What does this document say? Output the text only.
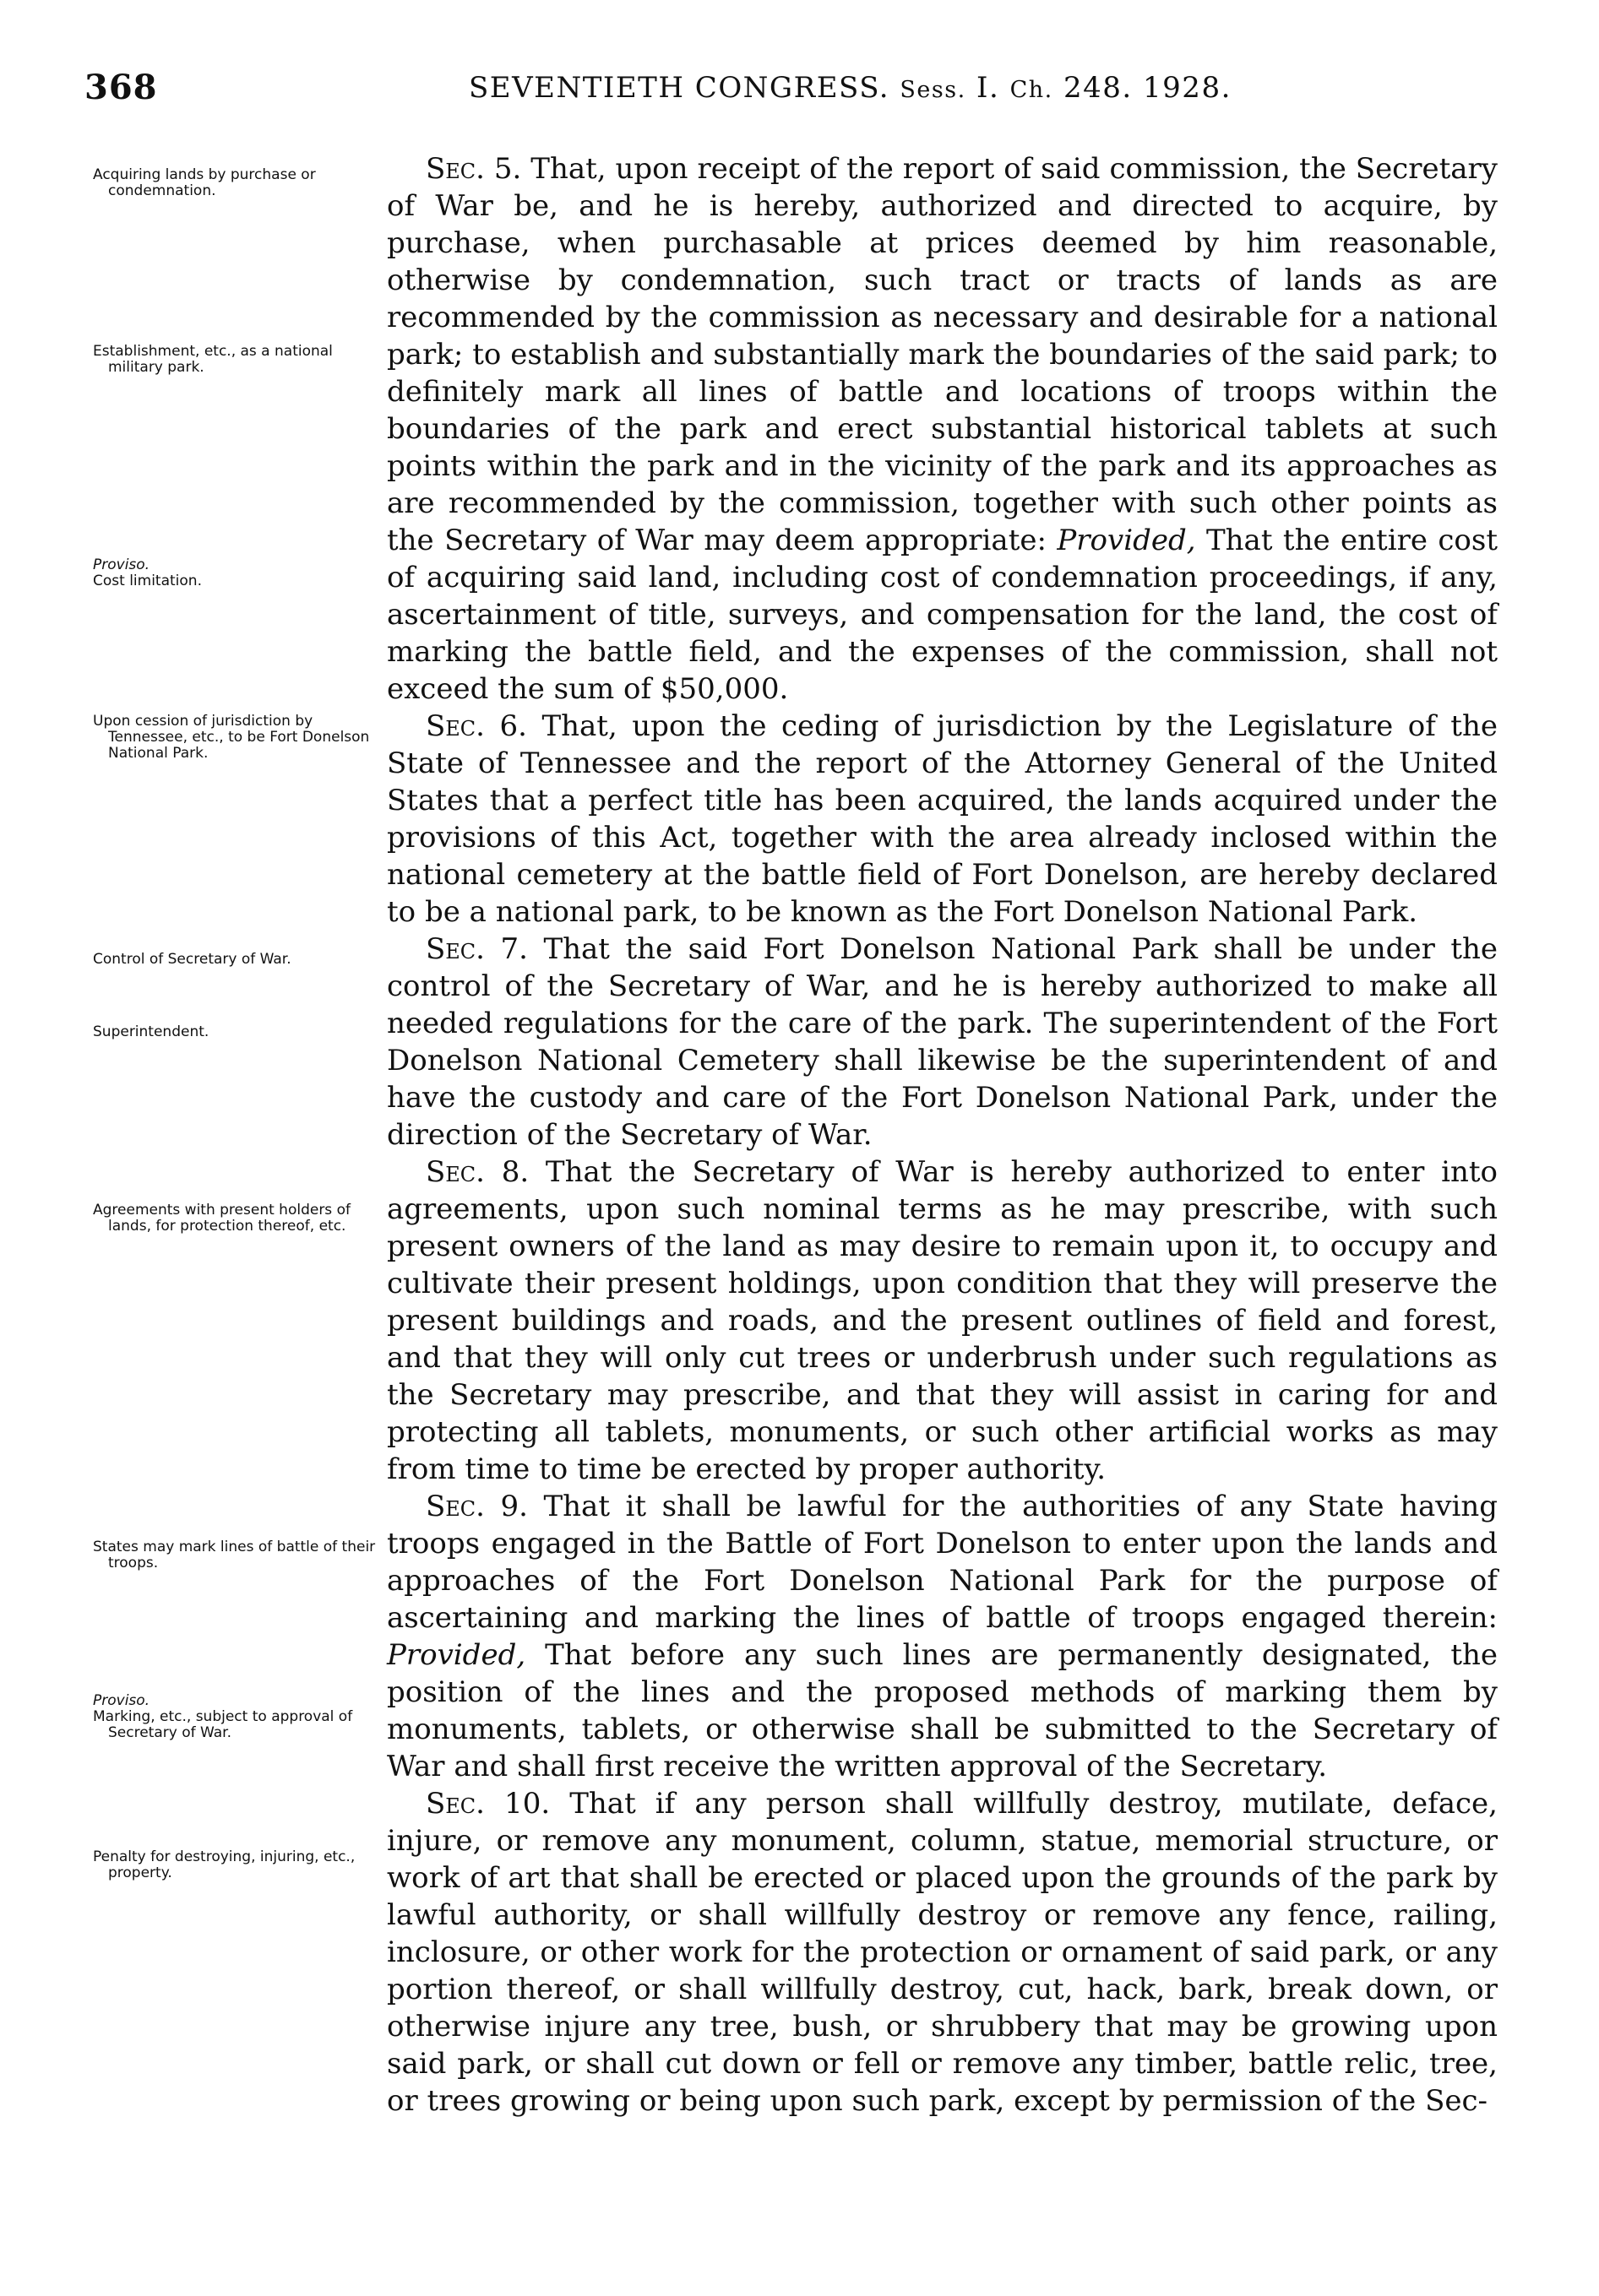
368	SEVENTIETH CONGRESS. Sess. I. Ch. 248. 1928.
Acquiring lands by purchase or condemnation.
Establishment, etc., as a national military park.
Proviso.
Cost limitation.
Upon cession of jurisdiction by Tennessee, etc., to be Fort Donelson National Park.
Control of Secretary of War.
Superintendent.
Agreements with present holders of lands, for protection thereof, etc.
States may mark lines of battle of their troops.
Proviso.
Marking, etc., subject to approval of Secretary of War.
Penalty for destroying, injuring, etc., property.

Sec. 5. That, upon receipt of the report of said commission, the Secretary of War be, and he is hereby, authorized and directed to acquire, by purchase, when purchasable at prices deemed by him reasonable, otherwise by condemnation, such tract or tracts of lands as are recommended by the commission as necessary and desirable for a national park; to establish and substantially mark the boundaries of the said park; to definitely mark all lines of battle and locations of troops within the boundaries of the park and erect substantial historical tablets at such points within the park and in the vicinity of the park and its approaches as are recommended by the commission, together with such other points as the Secretary of War may deem appropriate: Provided, That the entire cost of acquiring said land, including cost of condemnation proceedings, if any, ascertainment of title, surveys, and compensation for the land, the cost of marking the battle field, and the expenses of the commission, shall not exceed the sum of $50,000.

Sec. 6. That, upon the ceding of jurisdiction by the Legislature of the State of Tennessee and the report of the Attorney General of the United States that a perfect title has been acquired, the lands acquired under the provisions of this Act, together with the area already inclosed within the national cemetery at the battle field of Fort Donelson, are hereby declared to be a national park, to be known as the Fort Donelson National Park.

Sec. 7. That the said Fort Donelson National Park shall be under the control of the Secretary of War, and he is hereby authorized to make all needed regulations for the care of the park. The superintendent of the Fort Donelson National Cemetery shall likewise be the superintendent of and have the custody and care of the Fort Donelson National Park, under the direction of the Secretary of War.

Sec. 8. That the Secretary of War is hereby authorized to enter into agreements, upon such nominal terms as he may prescribe, with such present owners of the land as may desire to remain upon it, to occupy and cultivate their present holdings, upon condition that they will preserve the present buildings and roads, and the present outlines of field and forest, and that they will only cut trees or underbrush under such regulations as the Secretary may prescribe, and that they will assist in caring for and protecting all tablets, monuments, or such other artificial works as may from time to time be erected by proper authority.

Sec. 9. That it shall be lawful for the authorities of any State having troops engaged in the Battle of Fort Donelson to enter upon the lands and approaches of the Fort Donelson National Park for the purpose of ascertaining and marking the lines of battle of troops engaged therein: Provided, That before any such lines are permanently designated, the position of the lines and the proposed methods of marking them by monuments, tablets, or otherwise shall be submitted to the Secretary of War and shall first receive the written approval of the Secretary.

Sec. 10. That if any person shall willfully destroy, mutilate, deface, injure, or remove any monument, column, statue, memorial structure, or work of art that shall be erected or placed upon the grounds of the park by lawful authority, or shall willfully destroy or remove any fence, railing, inclosure, or other work for the protection or ornament of said park, or any portion thereof, or shall willfully destroy, cut, hack, bark, break down, or otherwise injure any tree, bush, or shrubbery that may be growing upon said park, or shall cut down or fell or remove any timber, battle relic, tree, or trees growing or being upon such park, except by permission of the Sec-
